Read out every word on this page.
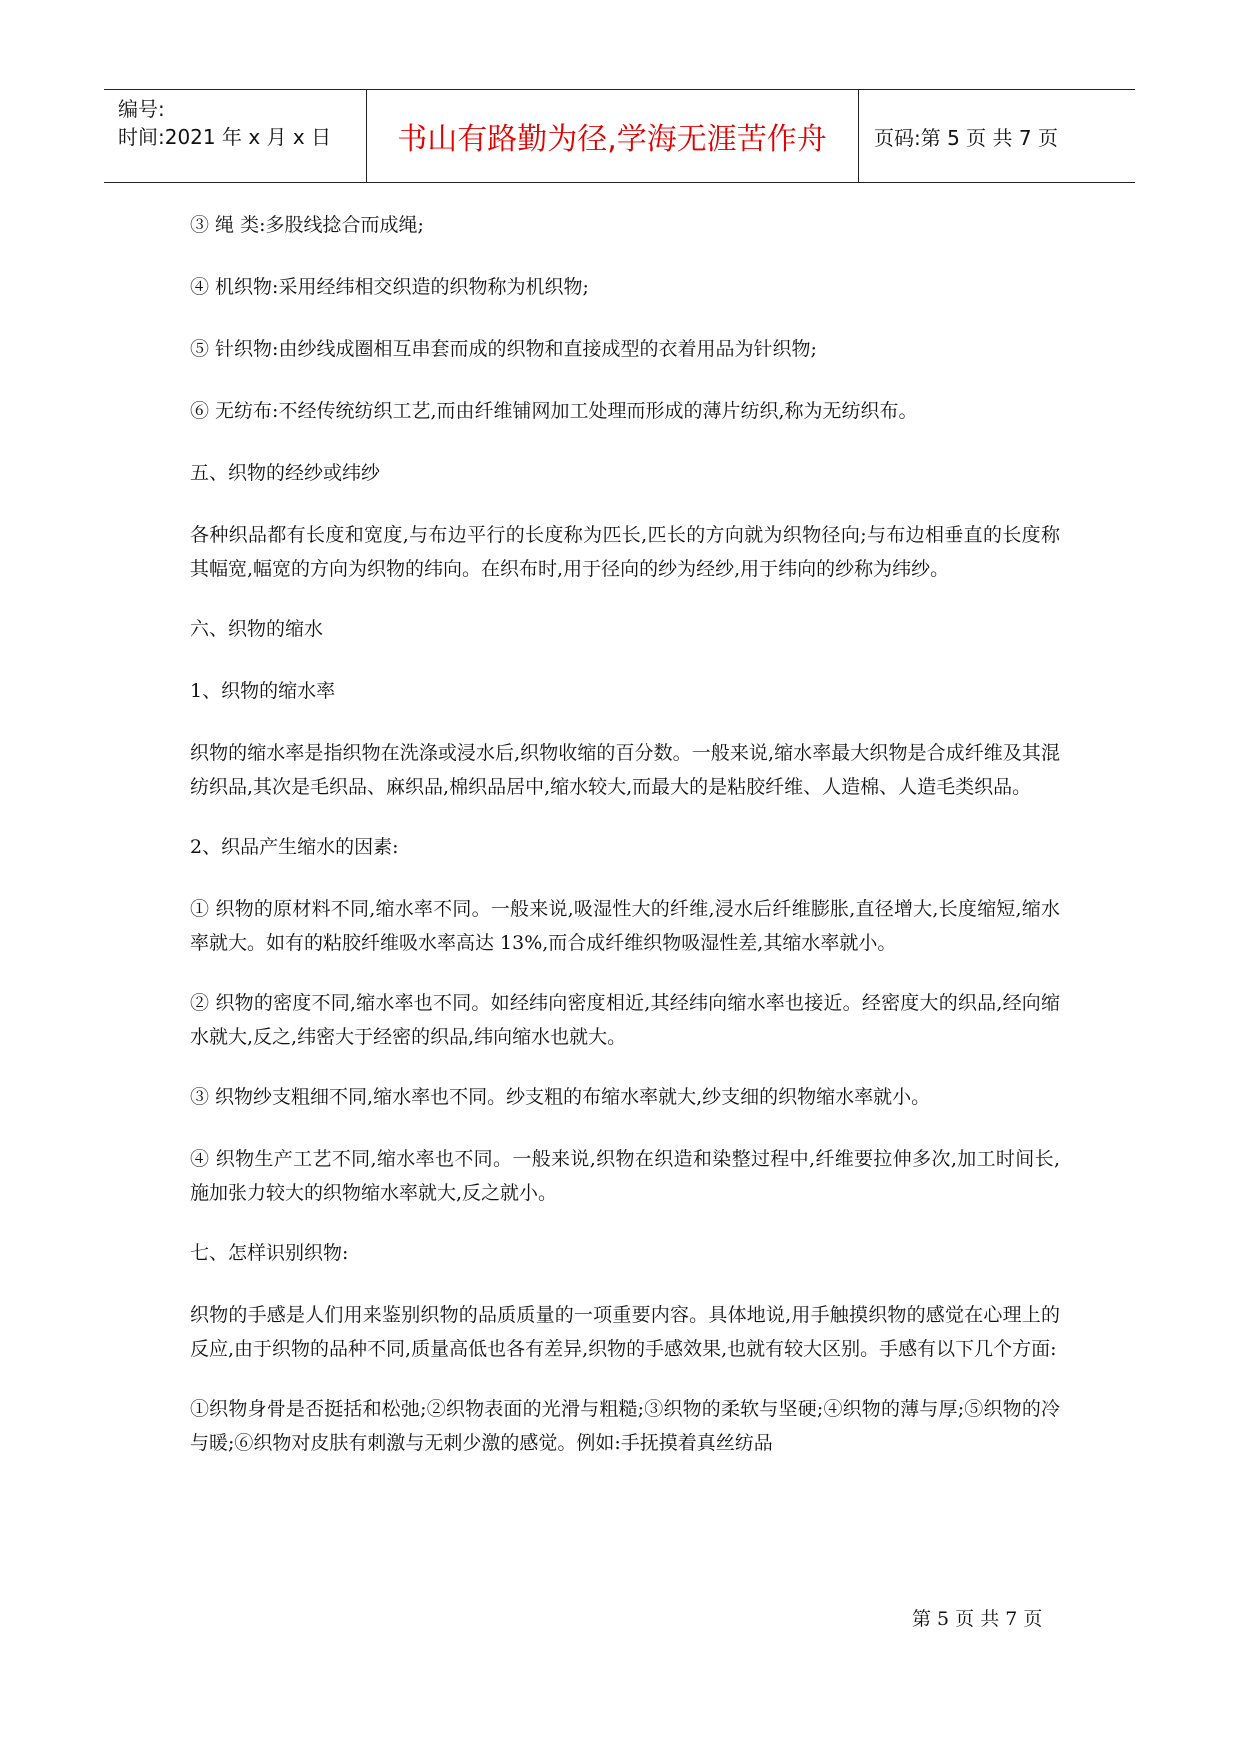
编号:
时间:2021 年 x 月 x 日	书山有路勤为径,学海无涯苦作舟	页码:第 5 页 共 7 页

③ 绳 类:多股线捻合而成绳;

④ 机织物:采用经纬相交织造的织物称为机织物;

⑤ 针织物:由纱线成圈相互串套而成的织物和直接成型的衣着用品为针织物;

⑥ 无纺布:不经传统纺织工艺,而由纤维铺网加工处理而形成的薄片纺织,称为无纺织布。

五、织物的经纱或纬纱

各种织品都有长度和宽度,与布边平行的长度称为匹长,匹长的方向就为织物径向;与布边相垂直的长度称其幅宽,幅宽的方向为织物的纬向。在织布时,用于径向的纱为经纱,用于纬向的纱称为纬纱。

六、织物的缩水

1、织物的缩水率

织物的缩水率是指织物在洗涤或浸水后,织物收缩的百分数。一般来说,缩水率最大织物是合成纤维及其混纺织品,其次是毛织品、麻织品,棉织品居中,缩水较大,而最大的是粘胶纤维、人造棉、人造毛类织品。

2、织品产生缩水的因素:

① 织物的原材料不同,缩水率不同。一般来说,吸湿性大的纤维,浸水后纤维膨胀,直径增大,长度缩短,缩水率就大。如有的粘胶纤维吸水率高达 13%,而合成纤维织物吸湿性差,其缩水率就小。

② 织物的密度不同,缩水率也不同。如经纬向密度相近,其经纬向缩水率也接近。经密度大的织品,经向缩水就大,反之,纬密大于经密的织品,纬向缩水也就大。

③ 织物纱支粗细不同,缩水率也不同。纱支粗的布缩水率就大,纱支细的织物缩水率就小。

④ 织物生产工艺不同,缩水率也不同。一般来说,织物在织造和染整过程中,纤维要拉伸多次,加工时间长,施加张力较大的织物缩水率就大,反之就小。

七、怎样识别织物:

织物的手感是人们用来鉴别织物的品质质量的一项重要内容。具体地说,用手触摸织物的感觉在心理上的反应,由于织物的品种不同,质量高低也各有差异,织物的手感效果,也就有较大区别。手感有以下几个方面:

①织物身骨是否挺括和松弛;②织物表面的光滑与粗糙;③织物的柔软与坚硬;④织物的薄与厚;⑤织物的冷与暖;⑥织物对皮肤有刺激与无刺少激的感觉。例如:手抚摸着真丝纺品

第 5 页 共 7 页
